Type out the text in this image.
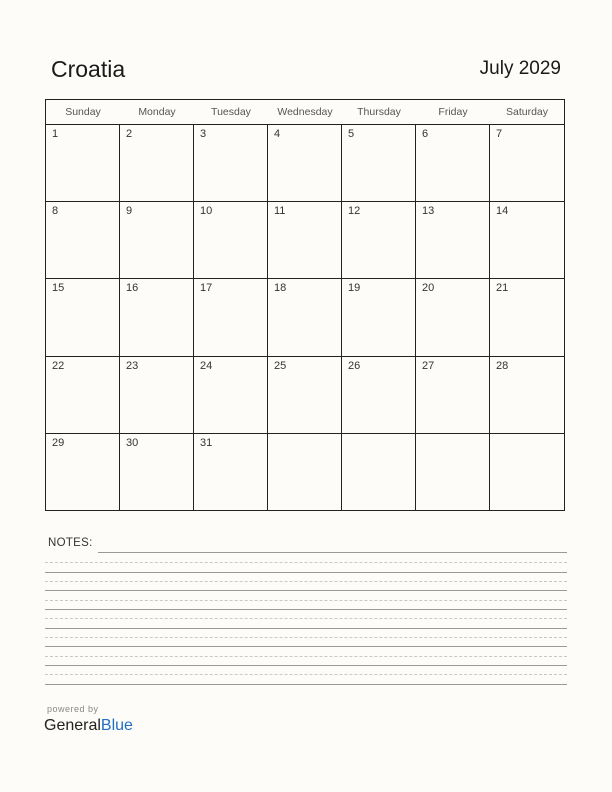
Croatia	July 2029
Sunday	Monday	Tuesday	Wednesday	Thursday	Friday	Saturday
1	2	3	4	5	6	7
8	9	10	11	12	13	14
15	16	17	18	19	20	21
22	23	24	25	26	27	28
29	30	31
NOTES:
powered by
GeneralBlue
